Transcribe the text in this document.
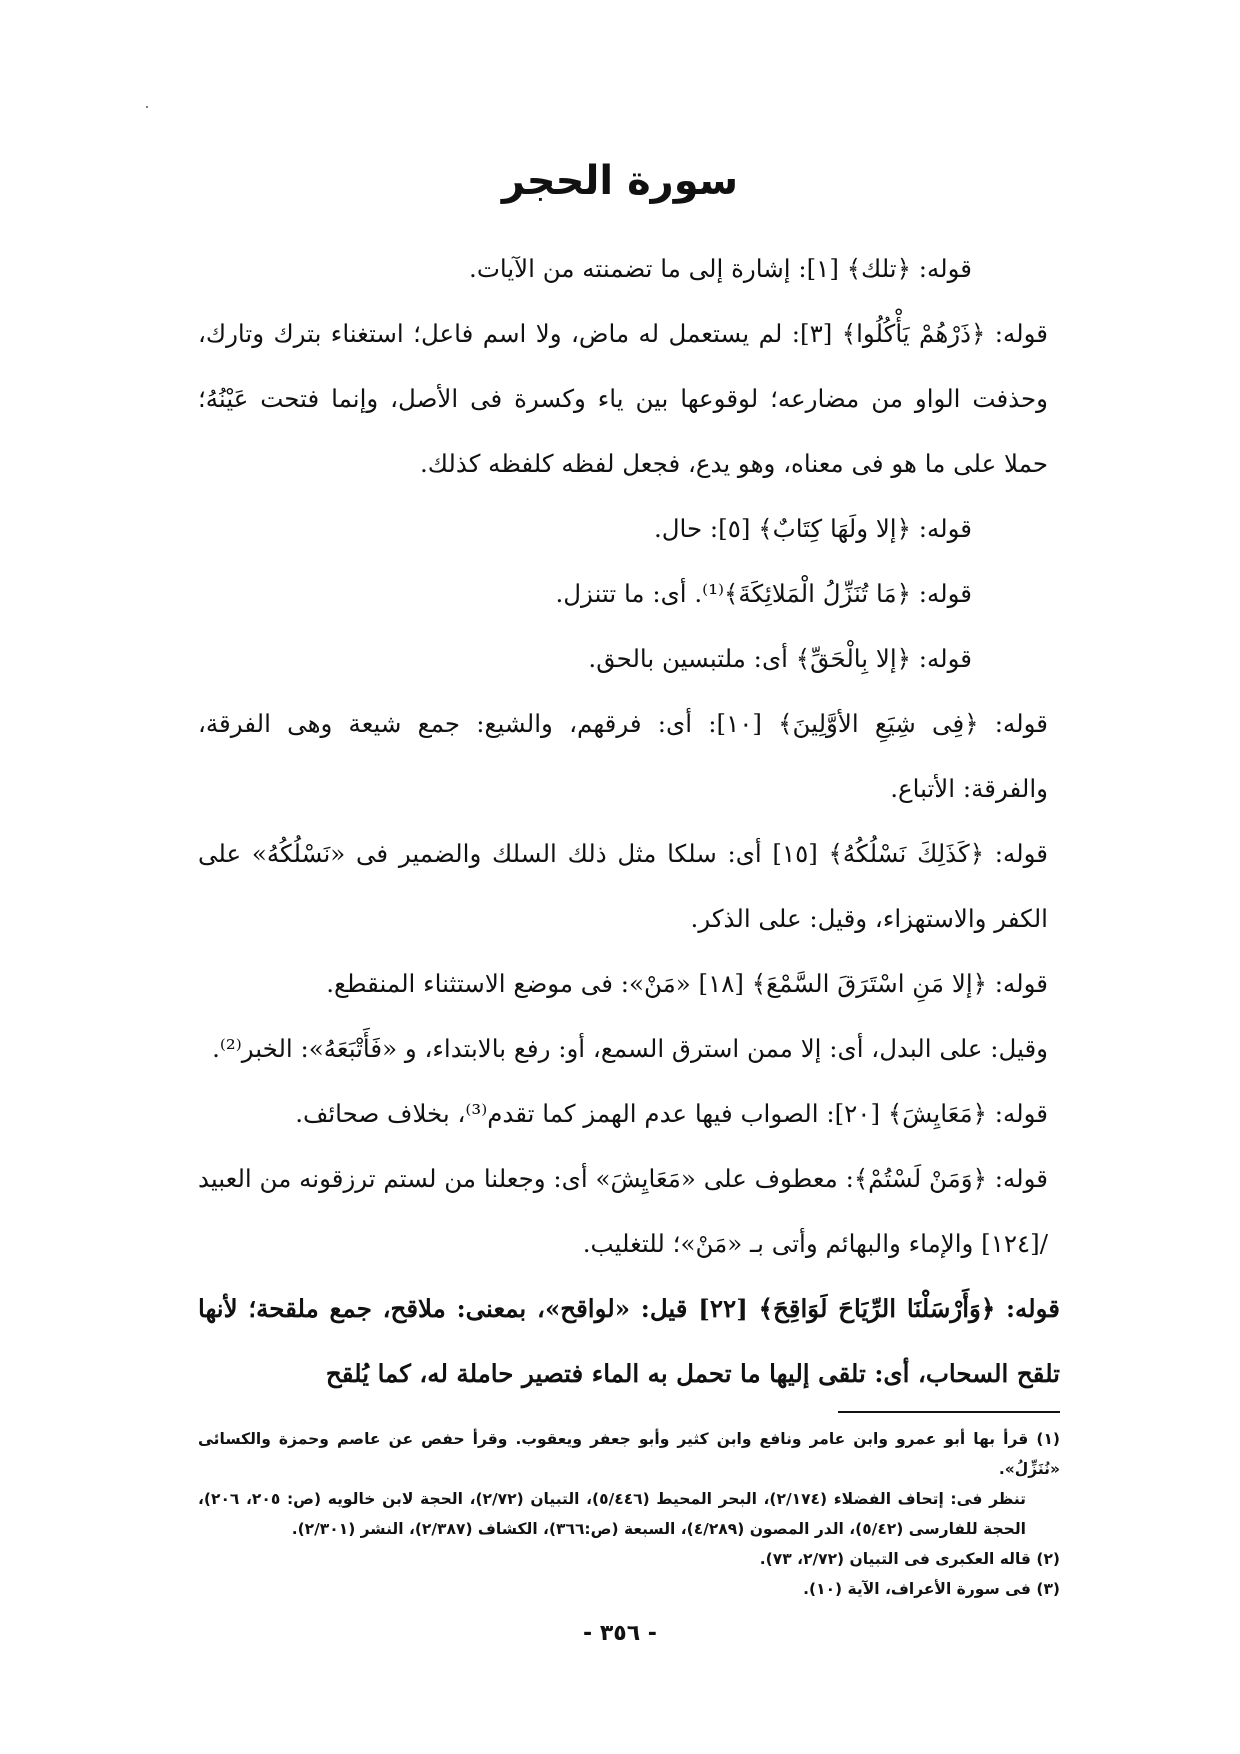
سورة الحجر

قوله: ﴿تلك﴾ [١]: إشارة إلى ما تضمنته من الآيات.

قوله: ﴿ذَرْهُمْ يَأْكُلُوا﴾ [٣]: لم يستعمل له ماض، ولا اسم فاعل؛ استغناء بترك وتارك، وحذفت الواو من مضارعه؛ لوقوعها بين ياء وكسرة فى الأصل، وإنما فتحت عَيْنُهُ؛ حملا على ما هو فى معناه، وهو يدع، فجعل لفظه كلفظه كذلك.

قوله: ﴿إلا ولَهَا كِتَابٌ﴾ [٥]: حال.

قوله: ﴿مَا تُنَزِّلُ الْمَلائِكَةَ﴾⁽¹⁾. أى: ما تتنزل.

قوله: ﴿إلا بِالْحَقِّ﴾ أى: ملتبسين بالحق.

قوله: ﴿فِى شِيَعِ الأوَّلِينَ﴾ [١٠]: أى: فرقهم، والشيع: جمع شيعة وهى الفرقة، والفرقة: الأتباع.

قوله: ﴿كَذَلِكَ نَسْلُكُهُ﴾ [١٥] أى: سلكا مثل ذلك السلك والضمير فى «نَسْلُكُهُ» على الكفر والاستهزاء، وقيل: على الذكر.

قوله: ﴿إلا مَنِ اسْتَرَقَ السَّمْعَ﴾ [١٨] «مَنْ»: فى موضع الاستثناء المنقطع.

وقيل: على البدل، أى: إلا ممن استرق السمع، أو: رفع بالابتداء، و «فَأَتْبَعَهُ»: الخبر⁽²⁾.

قوله: ﴿مَعَايِشَ﴾ [٢٠]: الصواب فيها عدم الهمز كما تقدم⁽³⁾، بخلاف صحائف.

قوله: ﴿وَمَنْ لَسْتُمْ﴾: معطوف على «مَعَايِشَ» أى: وجعلنا من لستم ترزقونه من العبيد /[١٢٤] والإماء والبهائم وأتى بـ «مَنْ»؛ للتغليب.

قوله: ﴿وَأَرْسَلْنَا الرِّيَاحَ لَوَاقِحَ﴾ [٢٢] قيل: «لواقح»، بمعنى: ملاقح، جمع ملقحة؛ لأنها تلقح السحاب، أى: تلقى إليها ما تحمل به الماء فتصير حاملة له، كما يُلقح

(١) قرأ بها أبو عمرو وابن عامر ونافع وابن كثير وأبو جعفر ويعقوب. وقرأ حفص عن عاصم وحمزة والكسائى «نُنَزِّلُ».

تنظر فى: إتحاف الفضلاء (٢/١٧٤)، البحر المحيط (٥/٤٤٦)، التبيان (٢/٧٢)، الحجة لابن خالويه (ص: ٢٠٥، ٢٠٦)، الحجة للفارسى (٥/٤٢)، الدر المصون (٤/٢٨٩)، السبعة (ص:٣٦٦)، الكشاف (٢/٣٨٧)، النشر (٢/٣٠١).

(٢) قاله العكبرى فى التبيان (٢/٧٢، ٧٣).

(٣) فى سورة الأعراف، الآية (١٠).

- ٣٥٦ -
